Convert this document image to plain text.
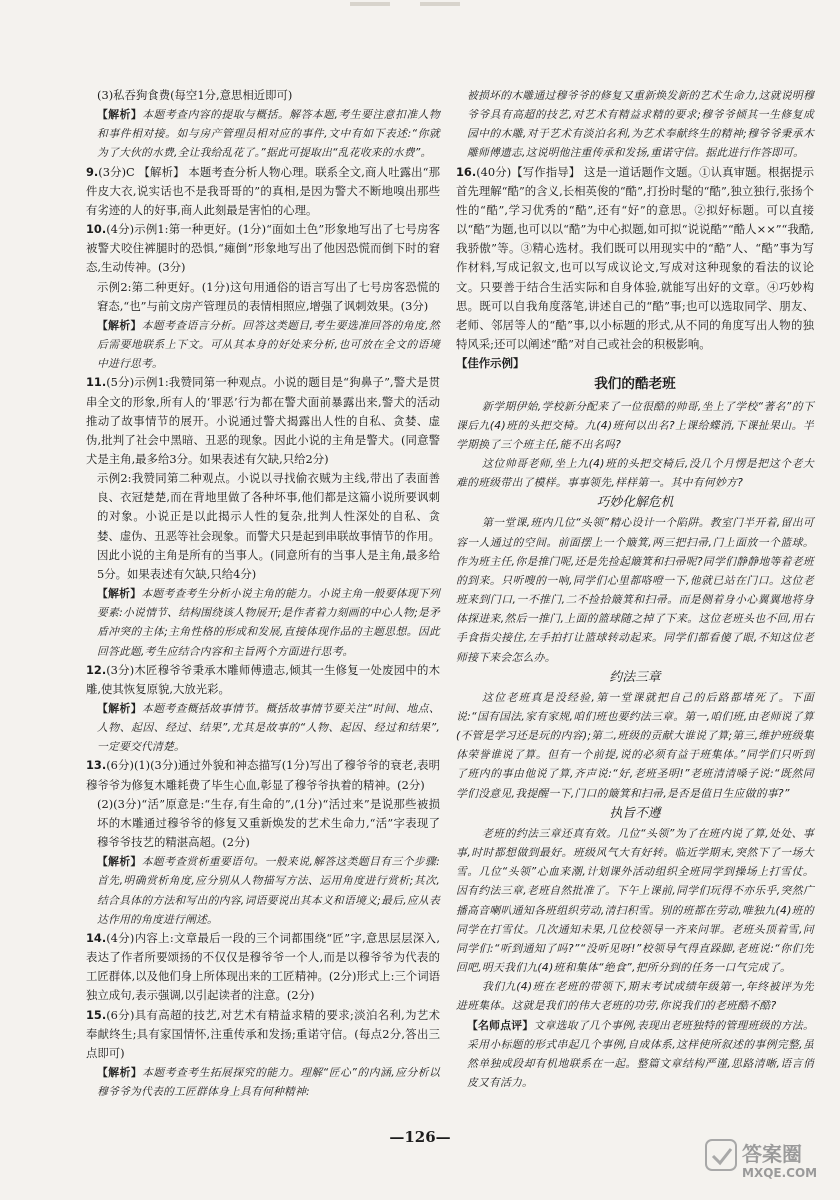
(3)私吞狗食费(每空1分,意思相近即可)

【解析】本题考查内容的提取与概括。解答本题,考生要注意扣准人物和事件相对接。如与房产管理员相对应的事件,文中有如下表述:“你就为了大伙的水费,全让我给乱花了。”据此可提取出“乱花收来的水费”。

9.(3分)C 【解析】 本题考查分析人物心理。联系全文,商人吐露出“那件皮大衣,说实话也不是我哥哥的”的真相,是因为警犬不断地嗅出那些有劣迹的人的好事,商人此刻最是害怕的心理。

10.(4分)示例1:第一种更好。(1分)“面如土色”形象地写出了七号房客被警犬咬住裤腿时的恐惧,“瘫倒”形象地写出了他因恐慌而倒下时的窘态,生动传神。(3分)

示例2:第二种更好。(1分)这句用通俗的语言写出了七号房客恐慌的窘态,“也”与前文房产管理员的表情相照应,增强了讽刺效果。(3分)

【解析】本题考查语言分析。回答这类题目,考生要选准回答的角度,然后需要地联系上下文。可从其本身的好处来分析,也可放在全文的语境中进行思考。

11.(5分)示例1:我赞同第一种观点。小说的题目是“狗鼻子”,警犬是贯串全文的形象,所有人的‘罪恶’行为都在警犬面前暴露出来,警犬的活动推动了故事情节的展开。小说通过警犬揭露出人性的自私、贪婪、虚伪,批判了社会中黑暗、丑恶的现象。因此小说的主角是警犬。(同意警犬是主角,最多给3分。如果表述有欠缺,只给2分)

示例2:我赞同第二种观点。小说以寻找偷衣贼为主线,带出了表面善良、衣冠楚楚,而在背地里做了各种坏事,他们都是这篇小说所要讽刺的对象。小说正是以此揭示人性的复杂,批判人性深处的自私、贪婪、虚伪、丑恶等社会现象。而警犬只是起到串联故事情节的作用。因此小说的主角是所有的当事人。(同意所有的当事人是主角,最多给5分。如果表述有欠缺,只给4分)

【解析】本题考查考生分析小说主角的能力。小说主角一般要体现下列要素:小说情节、结构围绕该人物展开;是作者着力刻画的中心人物;是矛盾冲突的主体;主角性格的形成和发展,直接体现作品的主题思想。因此回答此题,考生应结合内容和主旨两个方面进行思考。

12.(3分)木匠穆爷爷秉承木雕师傅遗志,倾其一生修复一处废园中的木雕,使其恢复原貌,大放光彩。

【解析】本题考查概括故事情节。概括故事情节要关注“时间、地点、人物、起因、经过、结果”,尤其是故事的“人物、起因、经过和结果”,一定要交代清楚。

13.(6分)(1)(3分)通过外貌和神态描写(1分)写出了穆爷爷的衰老,表明穆爷爷为修复木雕耗费了毕生心血,彰显了穆爷爷执着的精神。(2分)

(2)(3分)“活”原意是:“生存,有生命的”,(1分)“活过来”是说那些被损坏的木雕通过穆爷爷的修复又重新焕发的艺术生命力,“活”字表现了穆爷爷技艺的精湛高超。(2分)

【解析】本题考查赏析重要语句。一般来说,解答这类题目有三个步骤:首先,明确赏析角度,应分别从人物描写方法、运用角度进行赏析;其次,结合具体的方法和写出的内容,词语要说出其本义和语境义;最后,应从表达作用的角度进行阐述。

14.(4分)内容上:文章最后一段的三个词都围绕“匠”字,意思层层深入,表达了作者所要颂扬的不仅仅是穆爷爷一个人,而是以穆爷爷为代表的工匠群体,以及他们身上所体现出来的工匠精神。(2分)形式上:三个词语独立成句,表示强调,以引起读者的注意。(2分)

15.(6分)具有高超的技艺,对艺术有精益求精的要求;淡泊名利,为艺术奉献终生;具有家国情怀,注重传承和发扬;重诺守信。(每点2分,答出三点即可)

【解析】本题考查考生拓展探究的能力。理解“匠心”的内涵,应分析以穆爷爷为代表的工匠群体身上具有何种精神:

被损坏的木雕通过穆爷爷的修复又重新焕发新的艺术生命力,这就说明穆爷爷具有高超的技艺,对艺术有精益求精的要求;穆爷爷倾其一生修复成园中的木雕,对于艺术有淡泊名利,为艺术奉献终生的精神;穆爷爷秉承木雕师傅遗志,这说明他注重传承和发扬,重诺守信。据此进行作答即可。

16.(40分)【写作指导】 这是一道话题作文题。①认真审题。根据提示首先理解“酷”的含义,长相英俊的“酷”,打扮时髦的“酷”,独立独行,张扬个性的“酷”,学习优秀的“酷”,还有“好”的意思。②拟好标题。可以直接以“酷”为题,也可以以“酷”为中心拟题,如可拟“说说酷”“酷人××”“我酷,我骄傲”等。③精心选材。我们既可以用现实中的“酷”人、“酷”事为写作材料,写成记叙文,也可以写成议论文,写成对这种现象的看法的议论文。只要善于结合生活实际和自身体验,就能写出好的文章。④巧妙构思。既可以自我角度落笔,讲述自己的“酷”事;也可以选取同学、朋友、老师、邻居等人的“酷”事,以小标题的形式,从不同的角度写出人物的独特风采;还可以阐述“酷”对自己或社会的积极影响。

【佳作示例】
我们的酷老班

新学期伊始,学校新分配来了一位很酷的帅哥,坐上了学校“著名”的下课后九(4)班的头把交椅。九(4)班何以出名?上课给蝶消,下课扯果山。半学期换了三个班主任,能不出名吗?

这位帅哥老师,坐上九(4)班的头把交椅后,没几个月愣是把这个老大难的班级带出了模样。事事领先,样样第一。其中有何妙方?

巧妙化解危机

第一堂课,班内几位“头领”精心设计一个陷阱。教室门半开着,留出可容一人通过的空间。前面摆上一个簸箕,两三把扫帚,门上面放一个篮球。作为班主任,你是推门呢,还是先捡起簸箕和扫帚呢?同学们静静地等着老班的到来。只听嗖的一响,同学们心里都咯噔一下,他就已站在门口。这位老班来到门口,一不推门,二不捡拾簸箕和扫帚。而是侧着身小心翼翼地将身体探进来,然后一推门,上面的篮球随之掉了下来。这位老班头也不回,用右手食指尖接住,左手拍打让篮球转动起来。同学们都看傻了眼,不知这位老师接下来会怎么办。

约法三章

这位老班真是没经验,第一堂课就把自己的后路都堵死了。下面说:“国有国法,家有家规,咱们班也要约法三章。第一,咱们班,由老师说了算(不管是学习还是玩的内容);第二,班级的贡献大谁说了算;第三,维护班级集体荣誉谁说了算。但有一个前提,说的必须有益于班集体。”同学们只听到了班内的事由他说了算,齐声说:“好,老班圣明!”老班清清嗓子说:“既然同学们没意见,我提醒一下,门口的簸箕和扫帚,是否是值日生应做的事?”

执旨不遵

老班的约法三章还真有效。几位“头领”为了在班内说了算,处处、事事,时时都想做到最好。班级风气大有好转。临近学期末,突然下了一场大雪。几位“头领”心血来潮,计划课外活动组织全班同学到操场上打雪仗。因有约法三章,老班自然批准了。下午上课前,同学们玩得不亦乐乎,突然广播高音喇叭通知各班组织劳动,清扫积雪。别的班都在劳动,唯独九(4)班的同学在打雪仗。几次通知未果,几位校领导一齐来问罪。老班头顶着雪,问同学们:“听到通知了吗?”“没听见呀!”校领导气得直跺脚,老班说:“你们先回吧,明天我们九(4)班和集体“绝食”,把所分到的任务一口气完成了。

我们九(4)班在老班的带领下,期末考试成绩年级第一,年终被评为先进班集体。这就是我们的伟大老班的功劳,你说我们的老班酷不酷?

【名师点评】文章选取了几个事例,表现出老班独特的管理班级的方法。采用小标题的形式串起几个事例,自成体系,这样使所叙述的事例完整,虽然单独成段却有机地联系在一起。整篇文章结构严谨,思路清晰,语言俏皮又有活力。

—126—
答案圈
MXQE.COM
